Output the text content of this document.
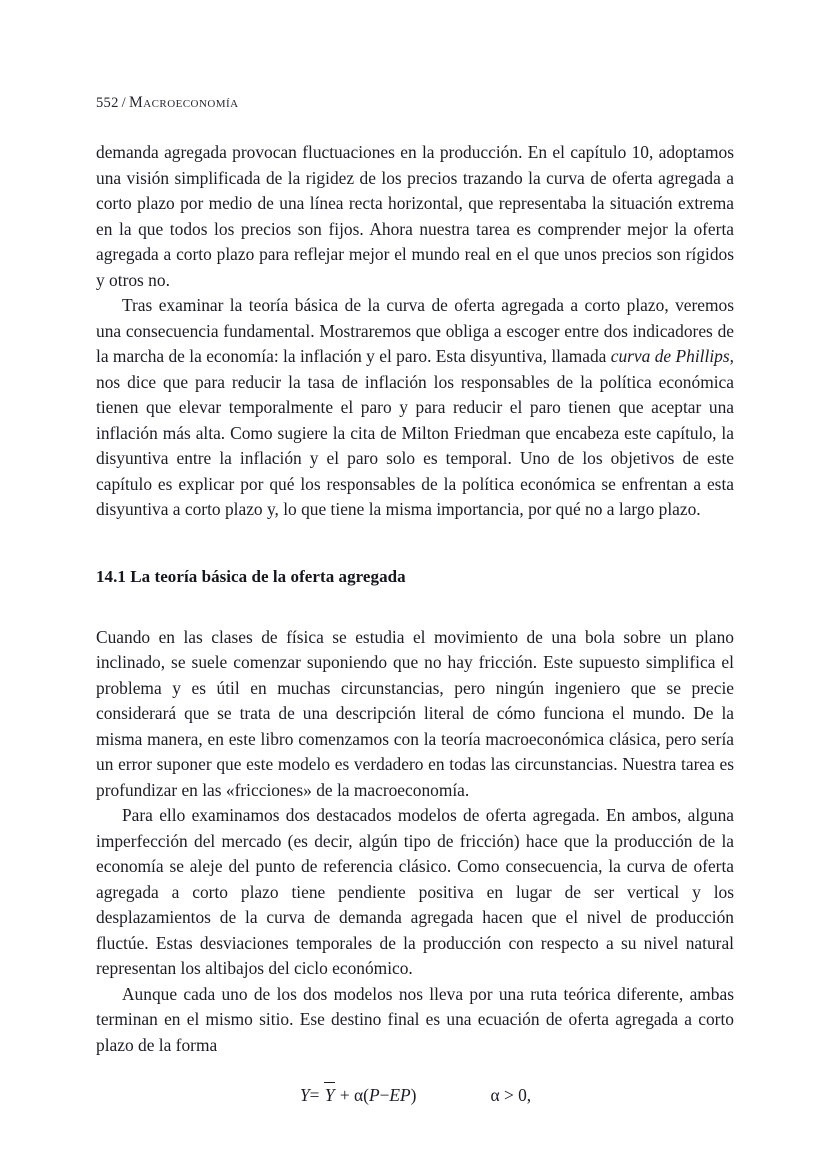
552 / Macroeconomía

demanda agregada provocan fluctuaciones en la producción. En el capítulo 10, adoptamos una visión simplificada de la rigidez de los precios trazando la curva de oferta agregada a corto plazo por medio de una línea recta horizontal, que representaba la situación extrema en la que todos los precios son fijos. Ahora nuestra tarea es comprender mejor la oferta agregada a corto plazo para reflejar mejor el mundo real en el que unos precios son rígidos y otros no.

Tras examinar la teoría básica de la curva de oferta agregada a corto plazo, veremos una consecuencia fundamental. Mostraremos que obliga a escoger entre dos indicadores de la marcha de la economía: la inflación y el paro. Esta disyuntiva, llamada curva de Phillips, nos dice que para reducir la tasa de inflación los responsables de la política económica tienen que elevar temporalmente el paro y para reducir el paro tienen que aceptar una inflación más alta. Como sugiere la cita de Milton Friedman que encabeza este capítulo, la disyuntiva entre la inflación y el paro solo es temporal. Uno de los objetivos de este capítulo es explicar por qué los responsables de la política económica se enfrentan a esta disyuntiva a corto plazo y, lo que tiene la misma importancia, por qué no a largo plazo.

14.1 La teoría básica de la oferta agregada

Cuando en las clases de física se estudia el movimiento de una bola sobre un plano inclinado, se suele comenzar suponiendo que no hay fricción. Este supuesto simplifica el problema y es útil en muchas circunstancias, pero ningún ingeniero que se precie considerará que se trata de una descripción literal de cómo funciona el mundo. De la misma manera, en este libro comenzamos con la teoría macroeconómica clásica, pero sería un error suponer que este modelo es verdadero en todas las circunstancias. Nuestra tarea es profundizar en las «fricciones» de la macroeconomía.

Para ello examinamos dos destacados modelos de oferta agregada. En ambos, alguna imperfección del mercado (es decir, algún tipo de fricción) hace que la producción de la economía se aleje del punto de referencia clásico. Como consecuencia, la curva de oferta agregada a corto plazo tiene pendiente positiva en lugar de ser vertical y los desplazamientos de la curva de demanda agregada hacen que el nivel de producción fluctúe. Estas desviaciones temporales de la producción con respecto a su nivel natural representan los altibajos del ciclo económico.

Aunque cada uno de los dos modelos nos lleva por una ruta teórica diferente, ambas terminan en el mismo sitio. Ese destino final es una ecuación de oferta agregada a corto plazo de la forma

Y= Y + α(P−EP)	α > 0,
